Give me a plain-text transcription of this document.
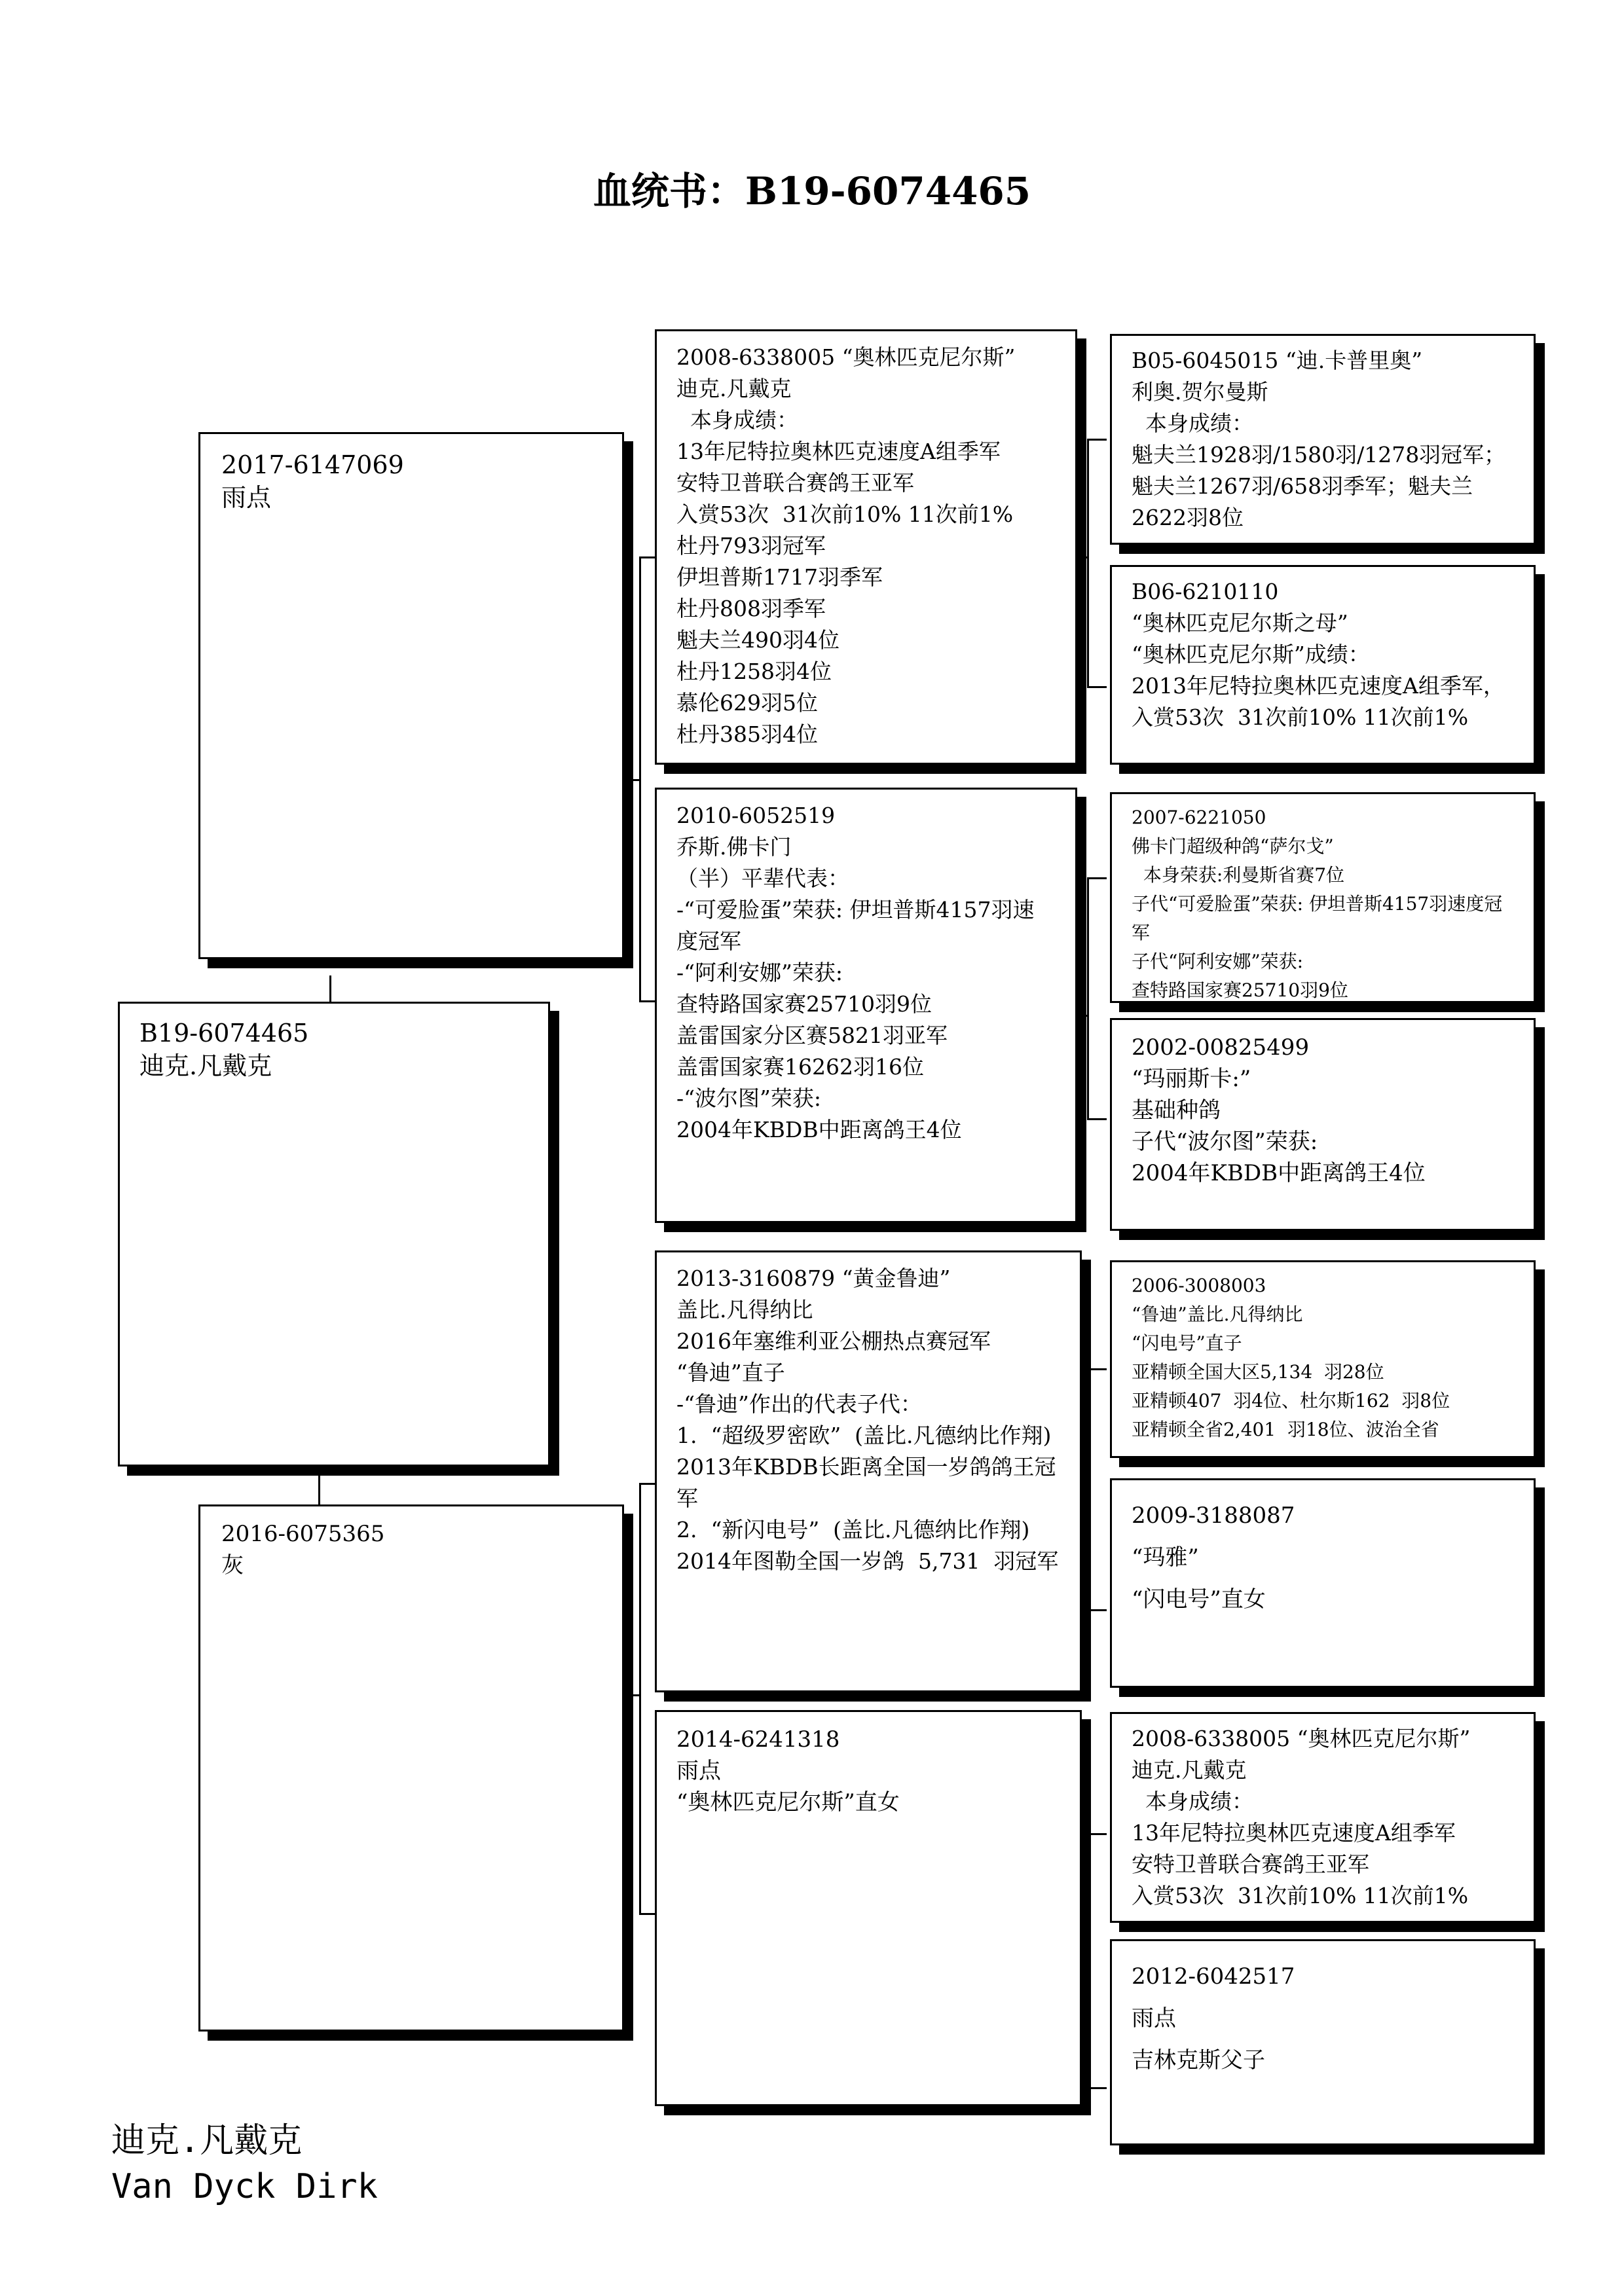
血统书：B19-6074465
B19-6074465
迪克.凡戴克
2017-6147069
雨点
2016-6075365
灰
2008-6338005 “奥林匹克尼尔斯”
迪克.凡戴克
本身成绩：
13年尼特拉奥林匹克速度A组季军
安特卫普联合赛鸽王亚军
入赏53次  31次前10% 11次前1%
杜丹793羽冠军
伊坦普斯1717羽季军
杜丹808羽季军
魁夫兰490羽4位
杜丹1258羽4位
慕伦629羽5位
杜丹385羽4位
2010-6052519
乔斯.佛卡门
（半）平辈代表：
-“可爱脸蛋”荣获: 伊坦普斯4157羽速度冠军
-“阿利安娜”荣获:
查特路国家赛25710羽9位
盖雷国家分区赛5821羽亚军
盖雷国家赛16262羽16位
-“波尔图”荣获:
2004年KBDB中距离鸽王4位
2013-3160879 “黄金鲁迪”
盖比.凡得纳比
2016年塞维利亚公棚热点赛冠军
“鲁迪”直子
-“鲁迪”作出的代表子代：
1.  “超级罗密欧”  (盖比.凡德纳比作翔)
2013年KBDB长距离全国一岁鸽鸽王冠军
2.  “新闪电号”  (盖比.凡德纳比作翔)
2014年图勒全国一岁鸽  5,731  羽冠军
2014-6241318
雨点
“奥林匹克尼尔斯”直女
B05-6045015 “迪.卡普里奥”
利奥.贺尔曼斯
本身成绩：
魁夫兰1928羽/1580羽/1278羽冠军；魁夫兰1267羽/658羽季军；魁夫兰2622羽8位
B06-6210110
“奥林匹克尼尔斯之母”
“奥林匹克尼尔斯”成绩：
2013年尼特拉奥林匹克速度A组季军，入赏53次  31次前10% 11次前1%
2007-6221050
佛卡门超级种鸽“萨尔戈”
本身荣获:利曼斯省赛7位
子代“可爱脸蛋”荣获: 伊坦普斯4157羽速度冠军
子代“阿利安娜”荣获:
查特路国家赛25710羽9位
2002-00825499
“玛丽斯卡:”
基础种鸽
子代“波尔图”荣获:
2004年KBDB中距离鸽王4位
2006-3008003
“鲁迪”盖比.凡得纳比
“闪电号”直子
亚精顿全国大区5,134  羽28位
亚精顿407  羽4位、杜尔斯162  羽8位
亚精顿全省2,401  羽18位、波治全省
2009-3188087
“玛雅”
“闪电号”直女
2008-6338005 “奥林匹克尼尔斯”
迪克.凡戴克
本身成绩：
13年尼特拉奥林匹克速度A组季军
安特卫普联合赛鸽王亚军
入赏53次  31次前10% 11次前1%
2012-6042517
雨点
吉林克斯父子
迪克.凡戴克
Van Dyck Dirk
